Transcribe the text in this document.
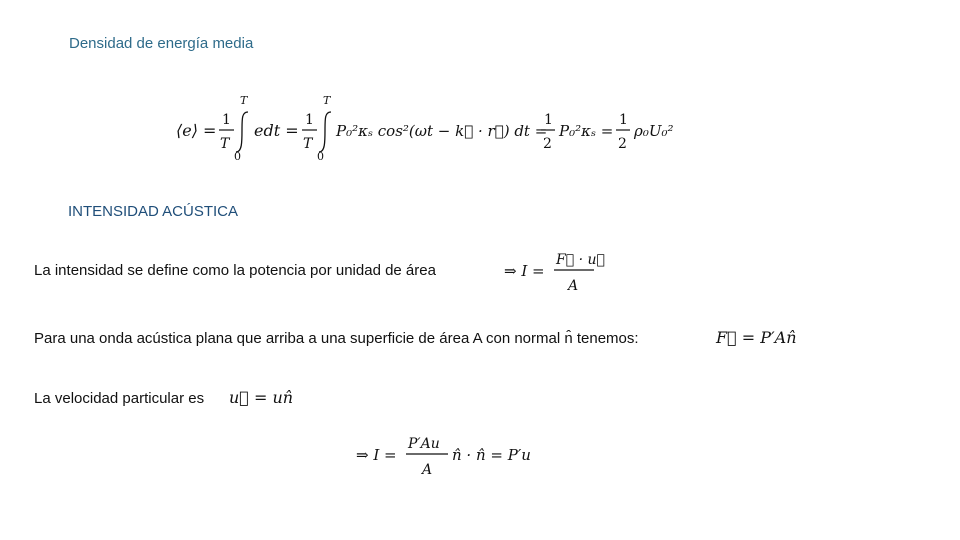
Densidad de energía media
⟨e⟩ =
1
T
T
0
edt =
1
T
T
0
P₀²κₛ cos²(ωt − k⃗ · r⃗) dt =
1
2
P₀²κₛ =
1
2
ρ₀U₀²
INTENSIDAD ACÚSTICA
La intensidad se define como la potencia por unidad de área	⇒ I =
F⃗ · u⃗
A
Para una onda acústica plana que arriba a una superficie de área A con normal n̂ tenemos:	F⃗ = P′An̂
La velocidad particular es u⃗ = un̂
⇒ I =
P′Au
A
n̂ · n̂ = P′u
